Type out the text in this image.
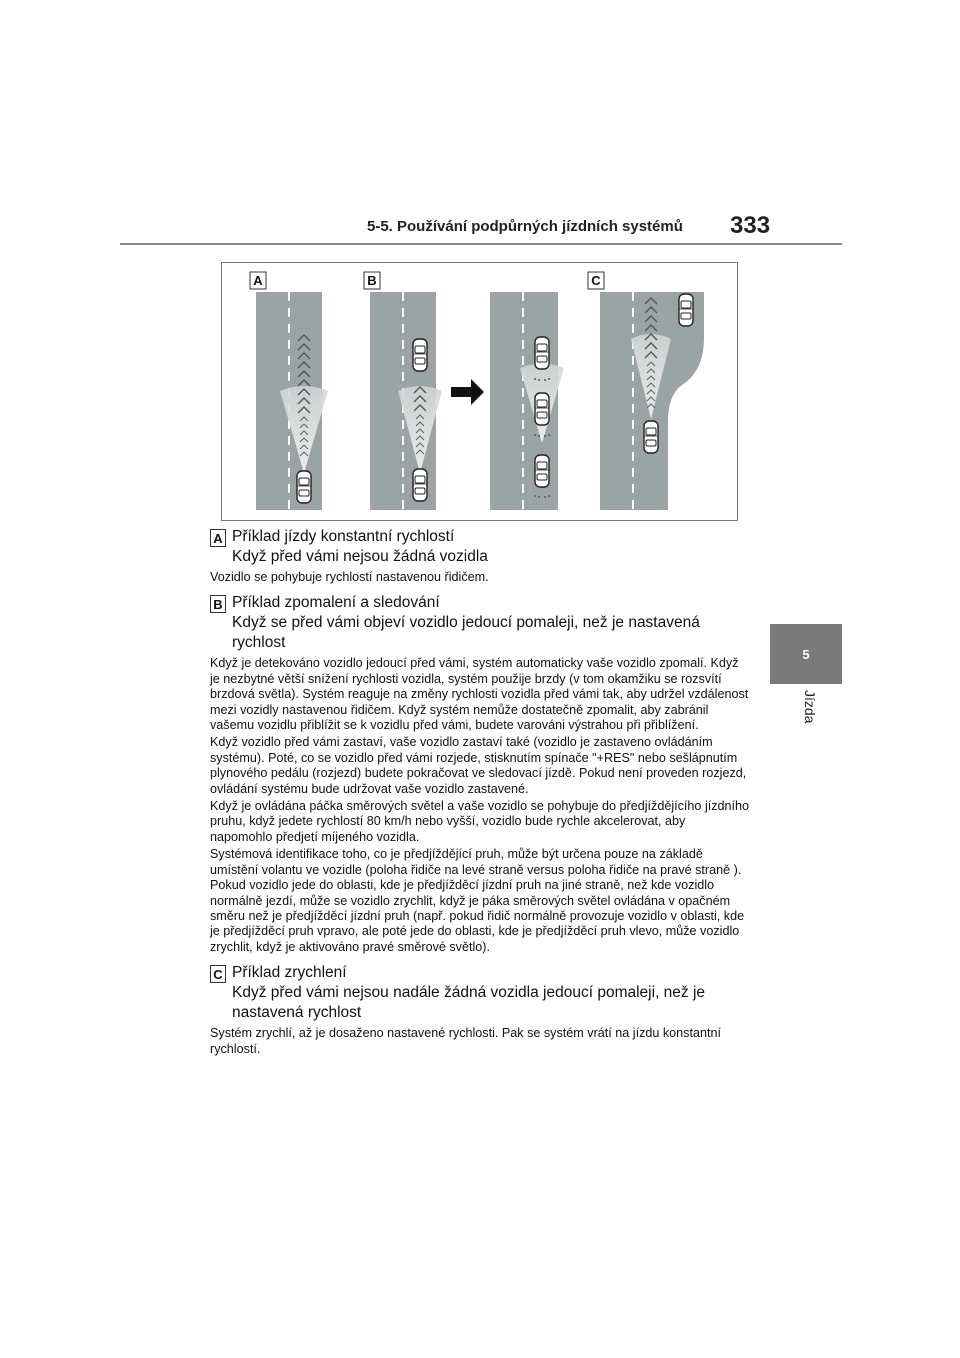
5-5. Používání podpůrných jízdních systémů 333
5
Jízda
A	B	C
A Příklad jízdy konstantní rychlostí
Když před vámi nejsou žádná vozidla

Vozidlo se pohybuje rychlostí nastavenou řidičem.

B Příklad zpomalení a sledování
Když se před vámi objeví vozidlo jedoucí pomaleji, než je nastavená rychlost

Když je detekováno vozidlo jedoucí před vámi, systém automaticky vaše vozidlo zpomalí. Když je nezbytné větší snížení rychlosti vozidla, systém použije brzdy (v tom okamžiku se rozsvítí brzdová světla). Systém reaguje na změny rychlosti vozidla před vámi tak, aby udržel vzdálenost mezi vozidly nastavenou řidičem. Když systém nemůže dostatečně zpomalit, aby zabránil vašemu vozidlu přiblížit se k vozidlu před vámi, budete varováni výstrahou při přiblížení.

Když vozidlo před vámi zastaví, vaše vozidlo zastaví také (vozidlo je zastaveno ovládáním systému). Poté, co se vozidlo před vámi rozjede, stisknutím spínače "+RES" nebo sešlápnutím plynového pedálu (rozjezd) budete pokračovat ve sledovací jízdě. Pokud není proveden rozjezd, ovládání systému bude udržovat vaše vozidlo zastavené.

Když je ovládána páčka směrových světel a vaše vozidlo se pohybuje do předjíždějícího jízdního pruhu, když jedete rychlostí 80 km/h nebo vyšší, vozidlo bude rychle akcelerovat, aby napomohlo předjetí míjeného vozidla.

Systémová identifikace toho, co je předjíždějící pruh, může být určena pouze na základě umístění volantu ve vozidle (poloha řidiče na levé straně versus poloha řidiče na pravé straně ). Pokud vozidlo jede do oblasti, kde je předjížděcí jízdní pruh na jiné straně, než kde vozidlo normálně jezdí, může se vozidlo zrychlit, když je páka směrových světel ovládána v opačném směru než je předjížděcí jízdní pruh (např. pokud řidič normálně provozuje vozidlo v oblasti, kde je předjížděcí pruh vpravo, ale poté jede do oblasti, kde je předjížděcí pruh vlevo, může vozidlo zrychlit, když je aktivováno pravé směrové světlo).

C Příklad zrychlení
Když před vámi nejsou nadále žádná vozidla jedoucí pomaleji, než je nastavená rychlost

Systém zrychlí, až je dosaženo nastavené rychlosti. Pak se systém vrátí na jízdu konstantní rychlostí.
